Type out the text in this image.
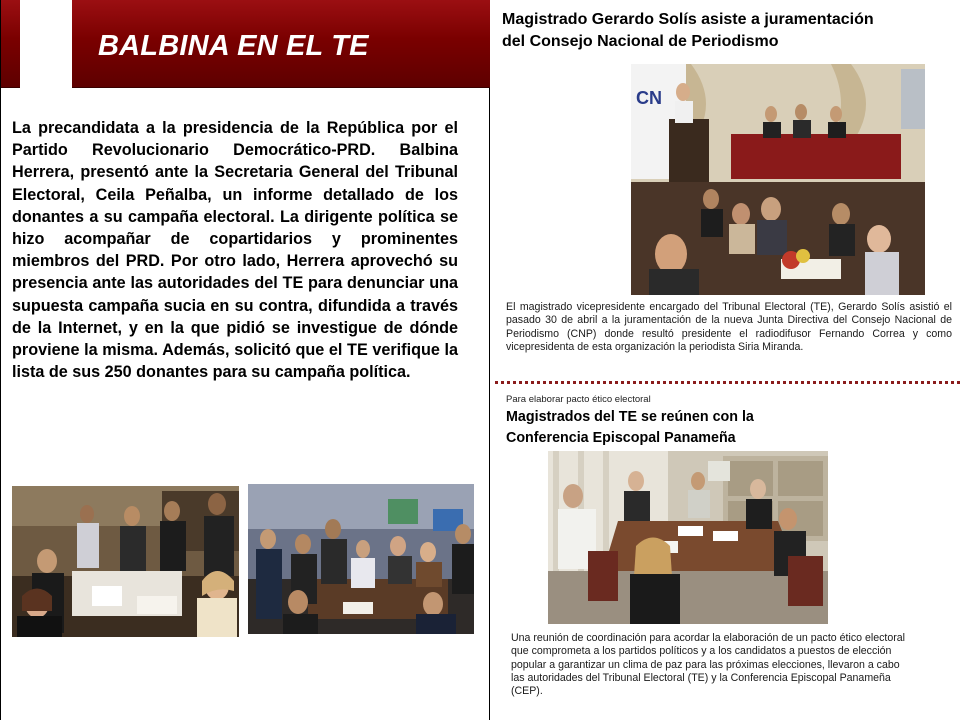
BALBINA EN EL TE
La precandidata a la presidencia de la República por el Partido Revolucionario Democrático-PRD. Balbina Herrera, presentó ante la Secretaria General del Tribunal Electoral, Ceila Peñalba, un informe detallado de los donantes a su campaña electoral. La dirigente política se hizo acompañar de copartidarios y prominentes miembros del PRD. Por otro lado, Herrera aprovechó su presencia ante las autoridades del TE para denunciar una supuesta campaña sucia en su contra, difundida a través de la Internet, y en la que pidió se investigue de dónde proviene la misma. Además, solicitó que el TE verifique la lista de sus 250 donantes para su campaña política.
Magistrado Gerardo Solís asiste a juramentación del Consejo Nacional de Periodismo
CN
El magistrado vicepresidente encargado del Tribunal Electoral (TE), Gerardo Solís asistió el pasado 30 de abril a la juramentación de la nueva Junta Directiva del Consejo Nacional de Periodismo (CNP) donde resultó presidente el radiodifusor Fernando Correa y como vicepresidenta de esta organización la periodista Siria Miranda.
Para elaborar pacto ético electoral
Magistrados del TE se reúnen con la Conferencia Episcopal Panameña
Una reunión de coordinación para acordar la elaboración de un pacto ético electoral que comprometa a los partidos políticos y a los candidatos a puestos de elección popular a garantizar un clima de paz para las próximas elecciones, llevaron a cabo las autoridades del Tribunal Electoral (TE) y la Conferencia Episcopal Panameña (CEP).
